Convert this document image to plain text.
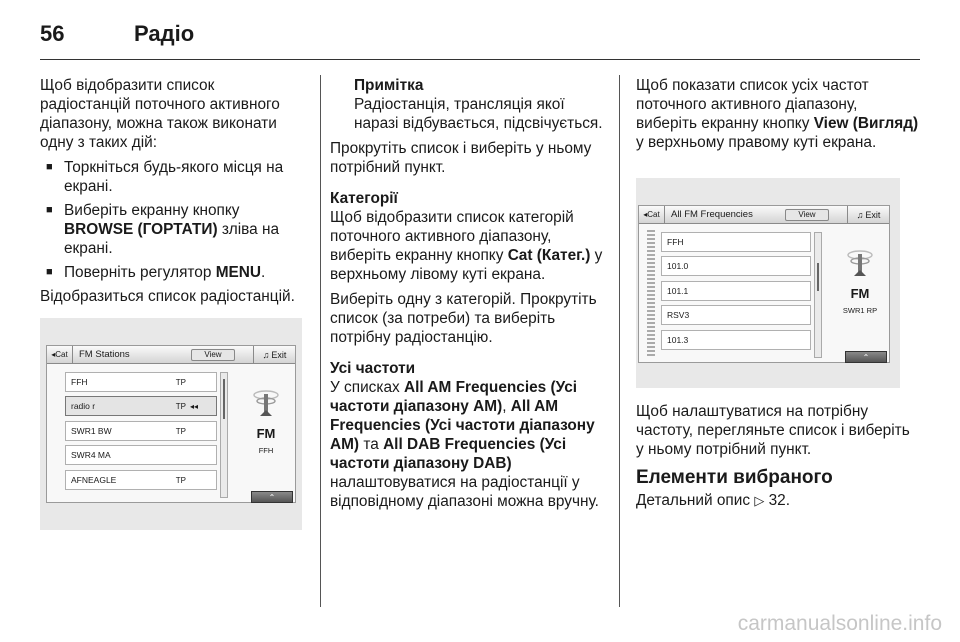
56	Радіо

Щоб відобразити список радіостанцій поточного активного діапазону, можна також виконати одну з таких дій:

■ Торкніться будь-якого місця на екрані.
■ Виберіть екранну кнопку BROWSE (ГОРТАТИ) зліва на екрані.
■ Поверніть регулятор MENU.

Відобразиться список радіостанцій.

◂Cat	FM Stations	View	♫ Exit
FFH	TP
radio r	TP ◂◂
SWR1 BW	TP
SWR4 MA
AFNEAGLE	TP
FM
FFH
⌃
Примітка
Радіостанція, трансляція якої наразі відбувається, підсвічується.

Прокрутіть список і виберіть у ньому потрібний пункт.

Категорії

Щоб відобразити список категорій поточного активного діапазону, виберіть екранну кнопку Cat (Катег.) у верхньому лівому куті екрана.

Виберіть одну з категорій. Прокрутіть список (за потреби) та виберіть потрібну радіостанцію.

Усі частоти

У списках All AM Frequencies (Усі частоти діапазону AM), All AM Frequencies (Усі частоти діапазону AM) та All DAB Frequencies (Усі частоти діапазону DAB) налаштовуватися на радіостанції у відповідному діапазоні можна вручну.

Щоб показати список усіх частот поточного активного діапазону, виберіть екранну кнопку View (Вигляд) у верхньому правому куті екрана.

◂Cat	All FM Frequencies	View	♫ Exit
FFH
101.0
101.1
RSV3
101.3
FM
SWR1 RP
⌃

Щоб налаштуватися на потрібну частоту, перегляньте список і виберіть у ньому потрібний пункт.

Елементи вибраного

Детальний опис ▷ 32.

carmanualsonline.info
